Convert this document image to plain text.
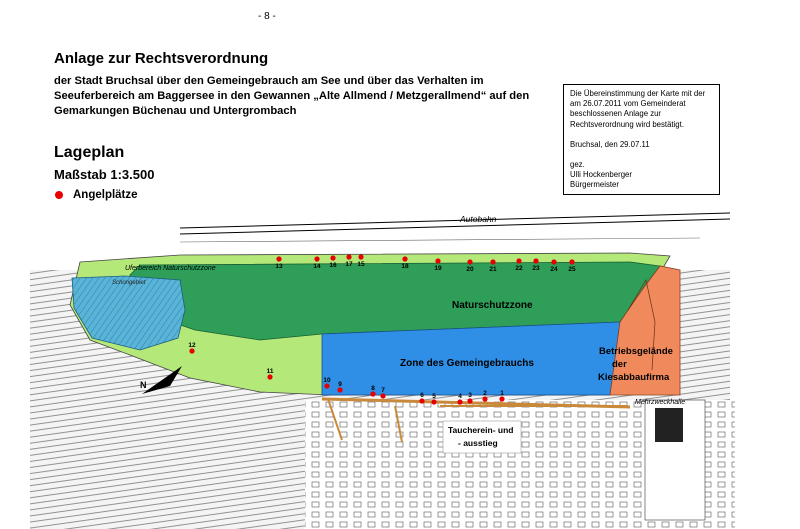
- 8 -
Anlage zur Rechtsverordnung
der Stadt Bruchsal über den Gemeingebrauch am See und über das Verhalten im Seeuferbereich am Baggersee in den Gewannen „Alte Allmend / Metzgerallmend“ auf den Gemarkungen Büchenau und Untergrombach
Lageplan
Maßstab 1:3.500
Angelplätze

Die Übereinstimmung der Karte mit der am 26.07.2011 vom Gemeinderat beschlossenen Anlage zur Rechtsverordnung wird bestätigt.

Bruchsal, den 29.07.11

gez.

Ulli Hockenberger

Bürgermeister

Autobahn
Schongebiet
Naturschutzzone
Zone des Gemeingebrauchs
Betriebsgelände
der
Kiesabbaufirma
Uferbereich Naturschutzzone
Taucherein- und
- ausstieg
Mehrzweckhalle
N
13	14 16 17 15	18	19	20 21	22 23 24 25
12
11
10
9
8 7
6 5	4 3 2 1
